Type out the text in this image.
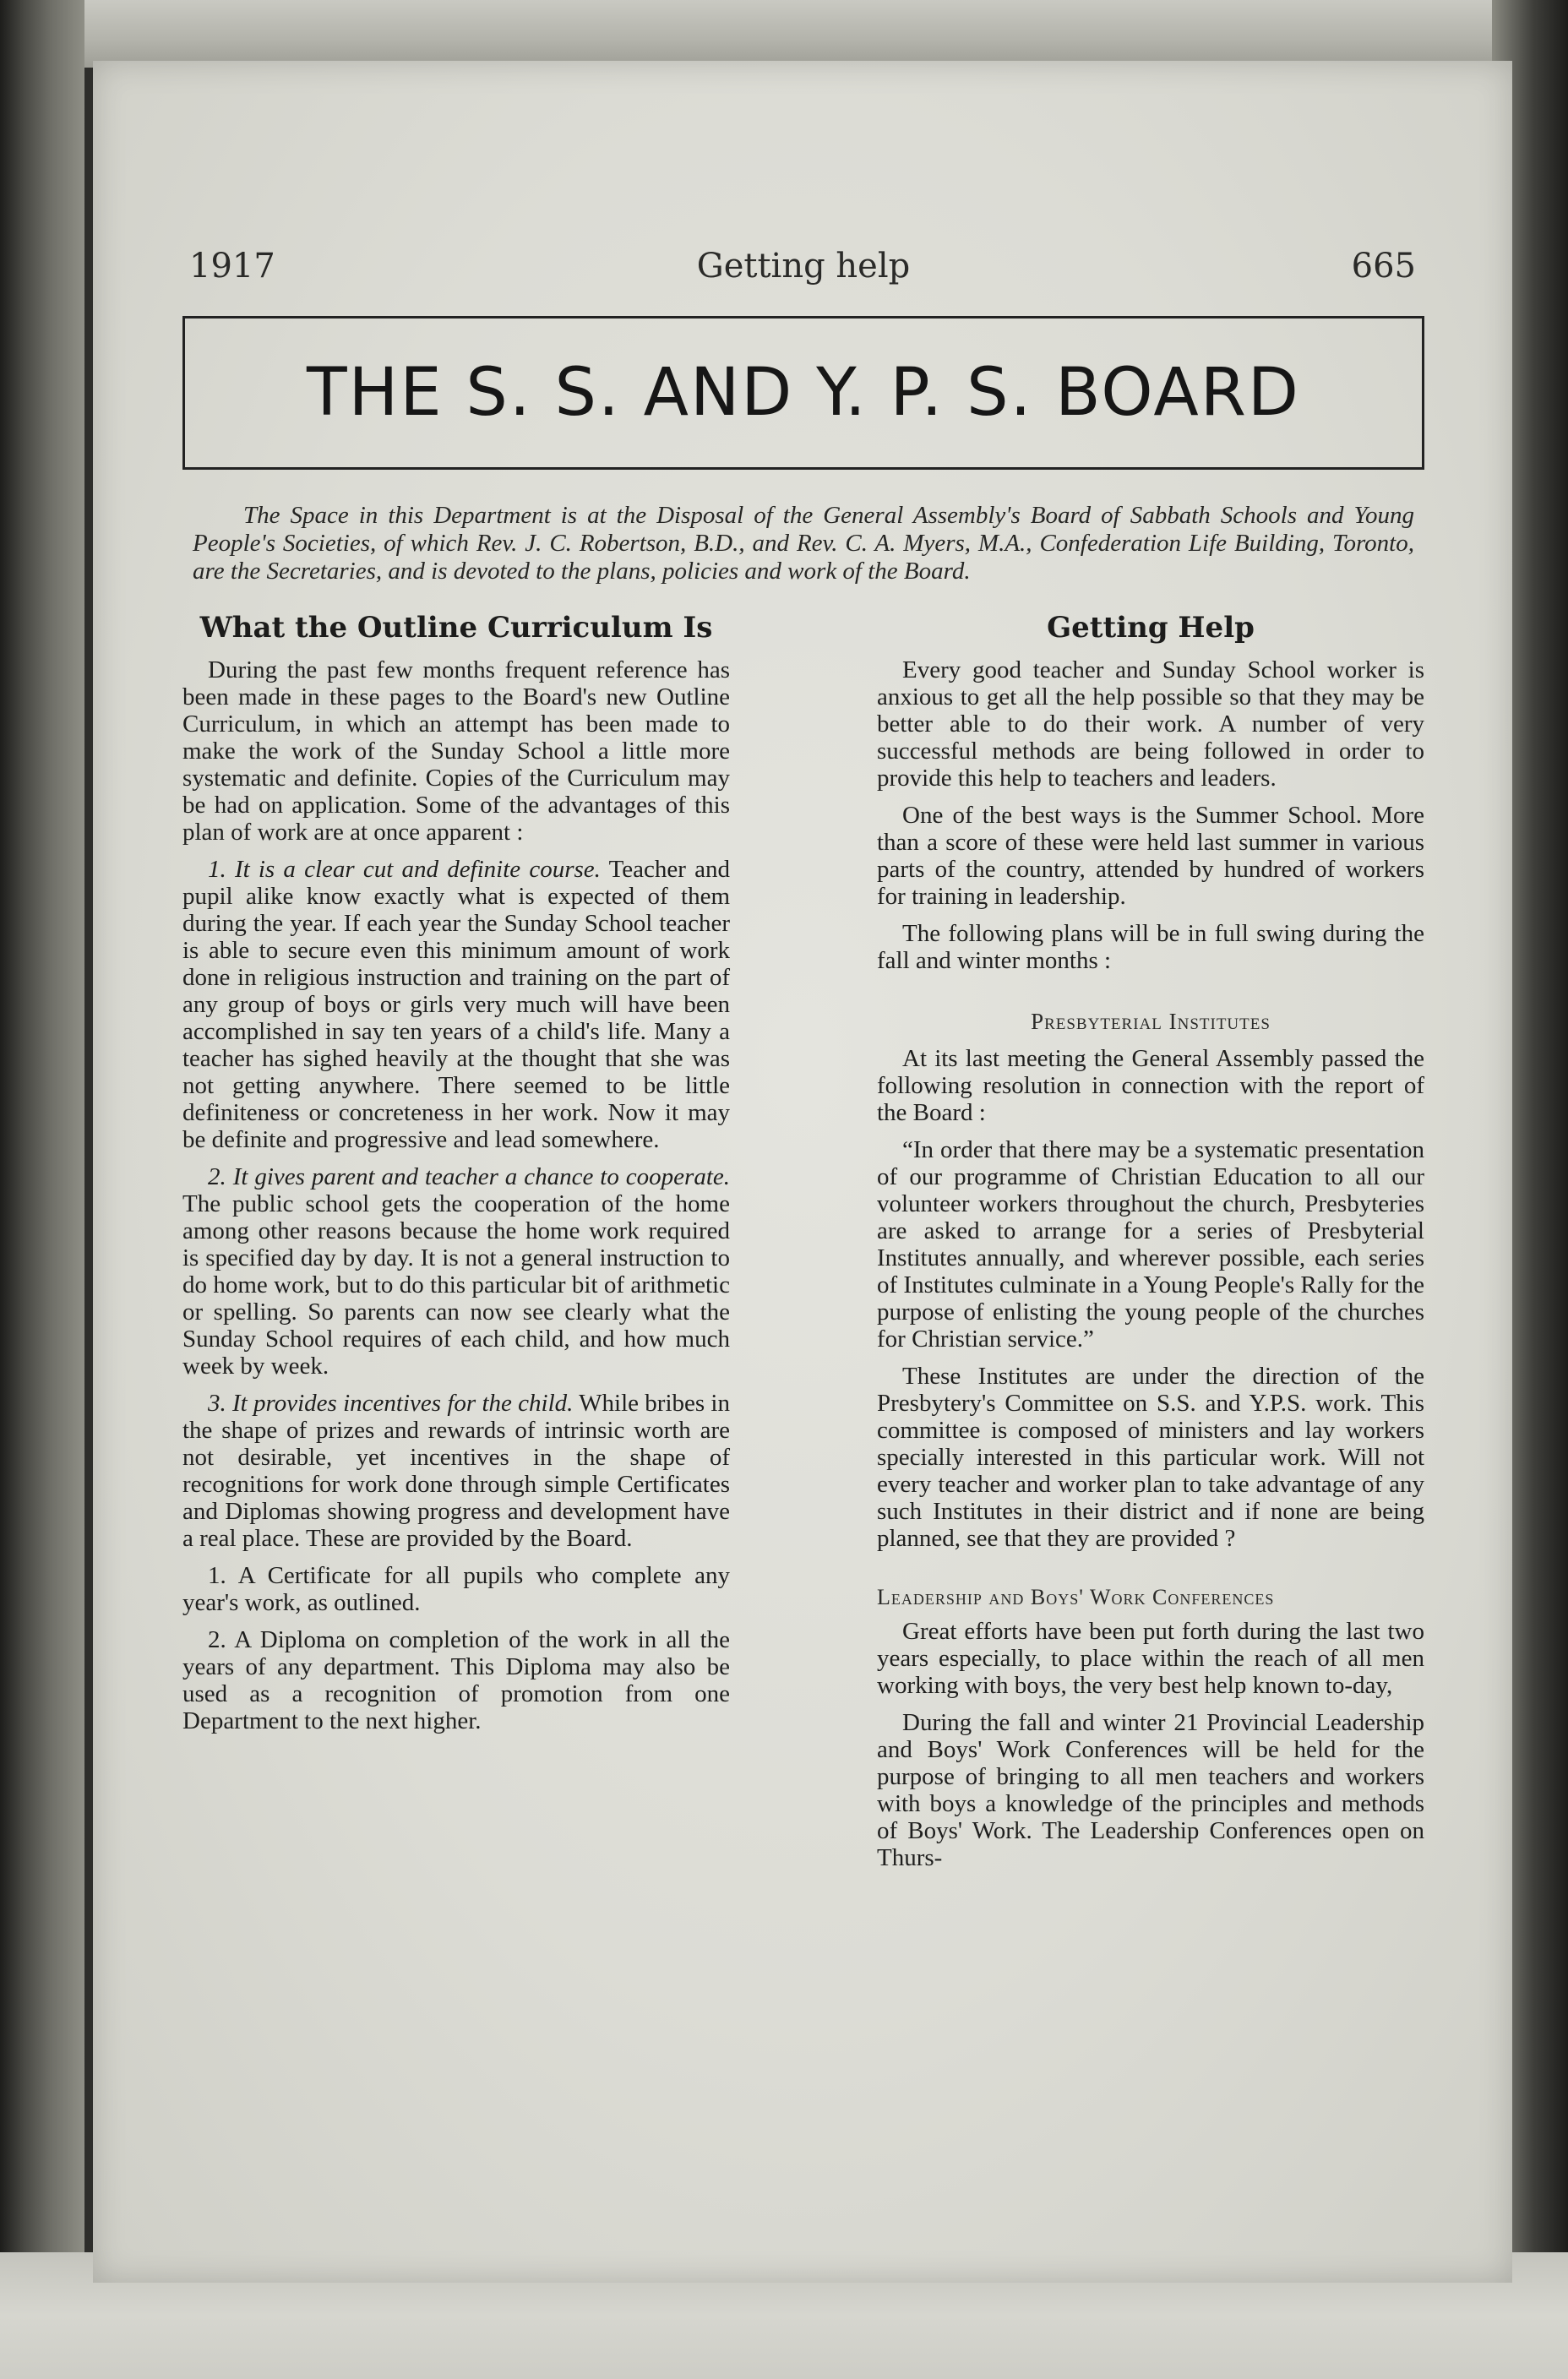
1917	Getting help	665
THE S. S. AND Y. P. S. BOARD

The Space in this Department is at the Disposal of the General Assembly's Board of Sabbath Schools and Young People's Societies, of which Rev. J. C. Robertson, B.D., and Rev. C. A. Myers, M.A., Confederation Life Building, Toronto, are the Secretaries, and is devoted to the plans, policies and work of the Board.

What the Outline Curriculum Is

During the past few months frequent reference has been made in these pages to the Board's new Outline Curriculum, in which an attempt has been made to make the work of the Sunday School a little more systematic and definite. Copies of the Curriculum may be had on application. Some of the advantages of this plan of work are at once apparent :

1. It is a clear cut and definite course. Teacher and pupil alike know exactly what is expected of them during the year. If each year the Sunday School teacher is able to secure even this minimum amount of work done in religious instruction and training on the part of any group of boys or girls very much will have been accomplished in say ten years of a child's life. Many a teacher has sighed heavily at the thought that she was not getting anywhere. There seemed to be little definiteness or concreteness in her work. Now it may be definite and progressive and lead somewhere.

2. It gives parent and teacher a chance to cooperate. The public school gets the cooperation of the home among other reasons because the home work required is specified day by day. It is not a general instruction to do home work, but to do this particular bit of arithmetic or spelling. So parents can now see clearly what the Sunday School requires of each child, and how much week by week.

3. It provides incentives for the child. While bribes in the shape of prizes and rewards of intrinsic worth are not desirable, yet incentives in the shape of recognitions for work done through simple Certificates and Diplomas showing progress and development have a real place. These are provided by the Board.

1. A Certificate for all pupils who complete any year's work, as outlined.

2. A Diploma on completion of the work in all the years of any department. This Diploma may also be used as a recognition of promotion from one Department to the next higher.

Getting Help

Every good teacher and Sunday School worker is anxious to get all the help possible so that they may be better able to do their work. A number of very successful methods are being followed in order to provide this help to teachers and leaders.

One of the best ways is the Summer School. More than a score of these were held last summer in various parts of the country, attended by hundred of workers for training in leadership.

The following plans will be in full swing during the fall and winter months :

Presbyterial Institutes

At its last meeting the General Assembly passed the following resolution in connection with the report of the Board :

“In order that there may be a systematic presentation of our programme of Christian Education to all our volunteer workers throughout the church, Presbyteries are asked to arrange for a series of Presbyterial Institutes annually, and wherever possible, each series of Institutes culminate in a Young People's Rally for the purpose of enlisting the young people of the churches for Christian service.”

These Institutes are under the direction of the Presbytery's Committee on S.S. and Y.P.S. work. This committee is composed of ministers and lay workers specially interested in this particular work. Will not every teacher and worker plan to take advantage of any such Institutes in their district and if none are being planned, see that they are provided ?

Leadership and Boys' Work Conferences

Great efforts have been put forth during the last two years especially, to place within the reach of all men working with boys, the very best help known to-day,

During the fall and winter 21 Provincial Leadership and Boys' Work Conferences will be held for the purpose of bringing to all men teachers and workers with boys a knowledge of the principles and methods of Boys' Work. The Leadership Conferences open on Thurs-
